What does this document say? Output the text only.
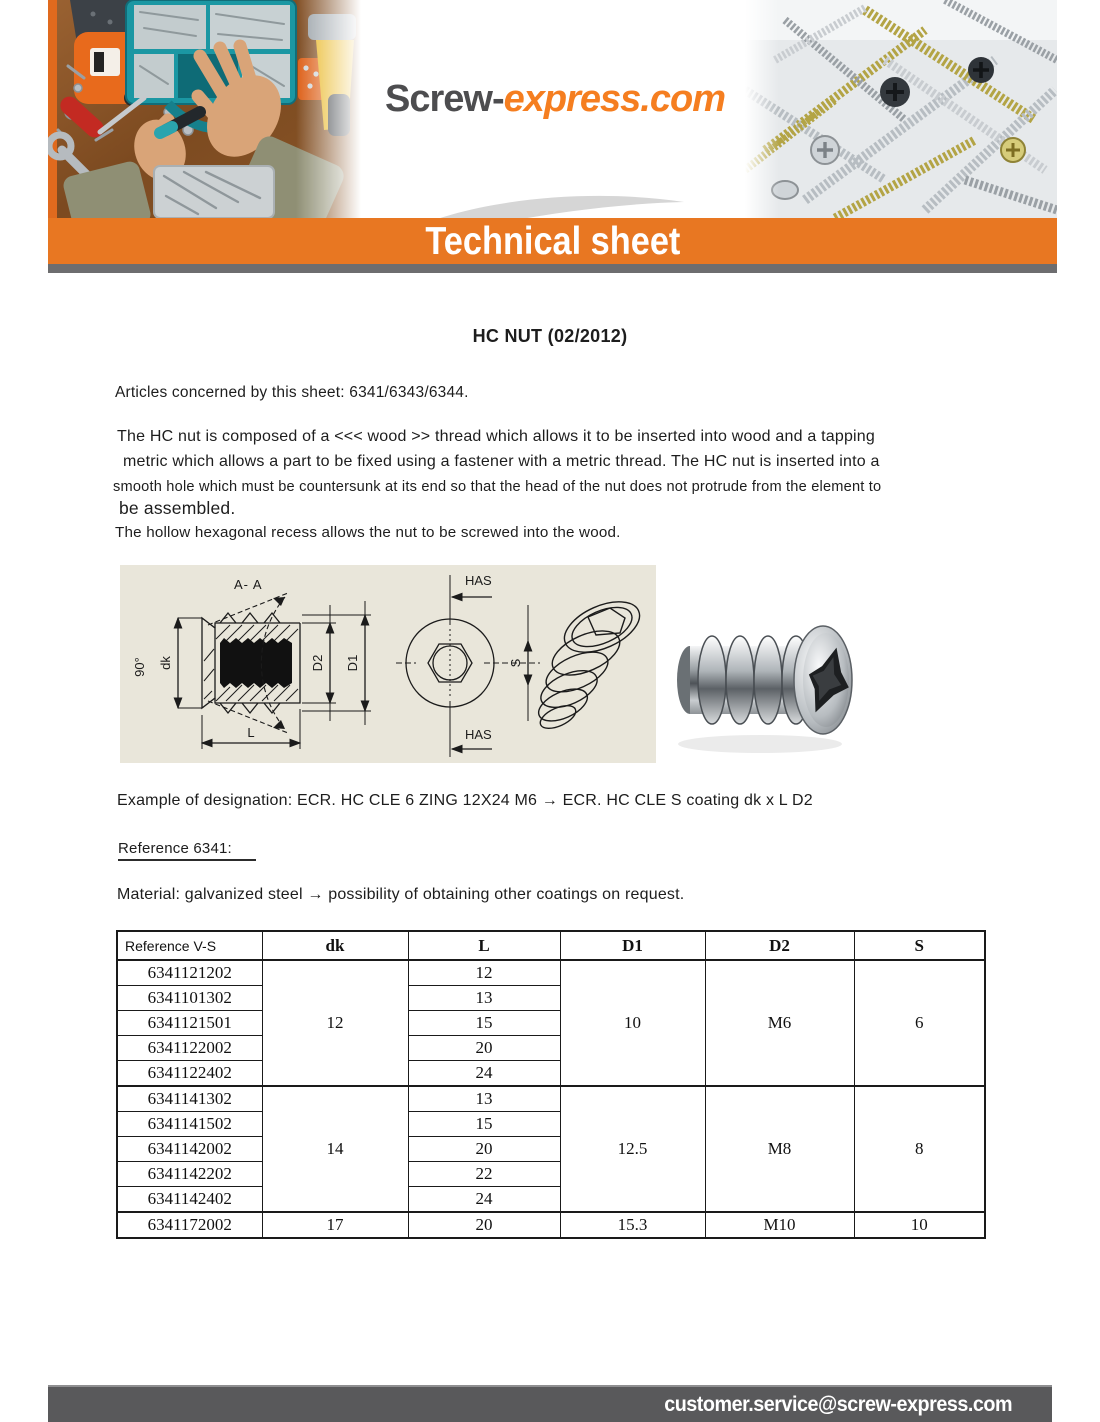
Screw-express.com
Technical sheet
HC NUT (02/2012)
Articles concerned by this sheet: 6341/6343/6344.
The HC nut is composed of a <<< wood >> thread which allows it to be inserted into wood and a tapping
metric which allows a part to be fixed using a fastener with a metric thread. The HC nut is inserted into a
smooth hole which must be countersunk at its end so that the head of the nut does not protrude from the element to
be assembled.
The hollow hexagonal recess allows the nut to be screwed into the wood.
A- A
90° dk	D2 D1
L
HAS
HAS
S
Example of designation: ECR. HC CLE 6 ZING 12X24 M6 → ECR. HC CLE S coating dk x L D2
Reference 6341:
Material: galvanized steel → possibility of obtaining other coatings on request.
Reference V-S	dk	L	D1	D2	S
6341121202	12	12	10	M6	6
6341101302		13			
6341121501		15			
6341122002		20			
6341122402		24			
6341141302	14	13	12.5	M8	8
6341141502		15			
6341142002		20			
6341142202		22			
6341142402		24			
6341172002	17	20	15.3	M10	10
customer.service@screw-express.com
